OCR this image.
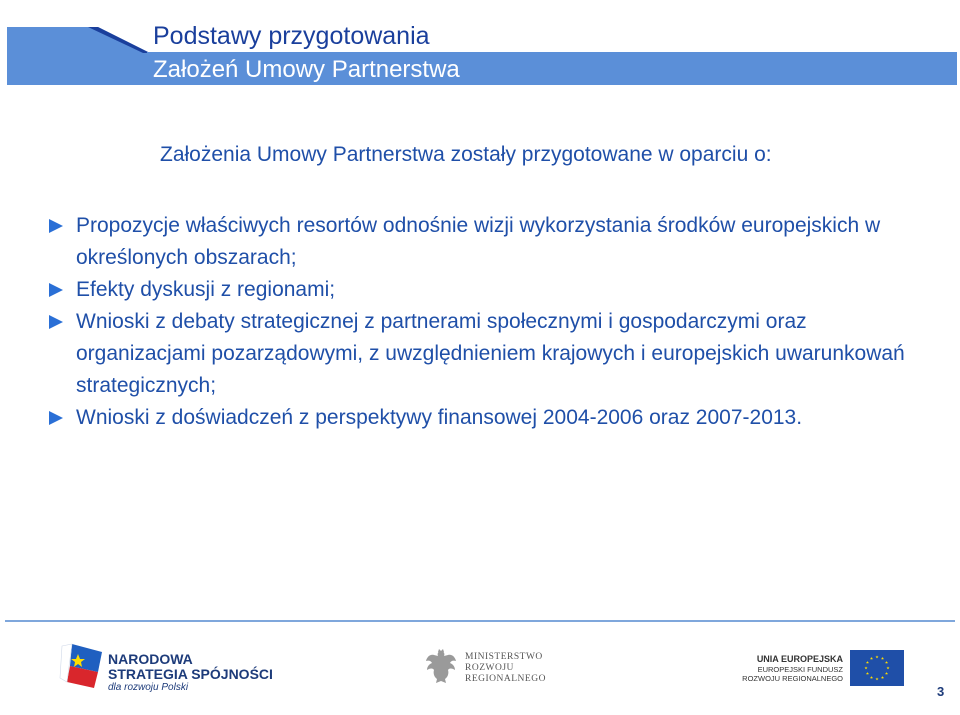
Podstawy przygotowania
Założeń Umowy Partnerstwa
Założenia Umowy Partnerstwa zostały przygotowane w oparciu o:
Propozycje właściwych resortów odnośnie wizji wykorzystania środków europejskich w określonych obszarach;
Efekty dyskusji z regionami;
Wnioski z debaty strategicznej z partnerami społecznymi i gospodarczymi oraz organizacjami pozarządowymi, z uwzględnieniem krajowych i europejskich uwarunkowań strategicznych;
Wnioski z doświadczeń z perspektywy finansowej 2004-2006 oraz 2007-2013.
NARODOWA
STRATEGIA SPÓJNOŚCI
dla rozwoju Polski
MINISTERSTWO
ROZWOJU
REGIONALNEGO
UNIA EUROPEJSKA
EUROPEJSKI FUNDUSZ
ROZWOJU REGIONALNEGO
3
